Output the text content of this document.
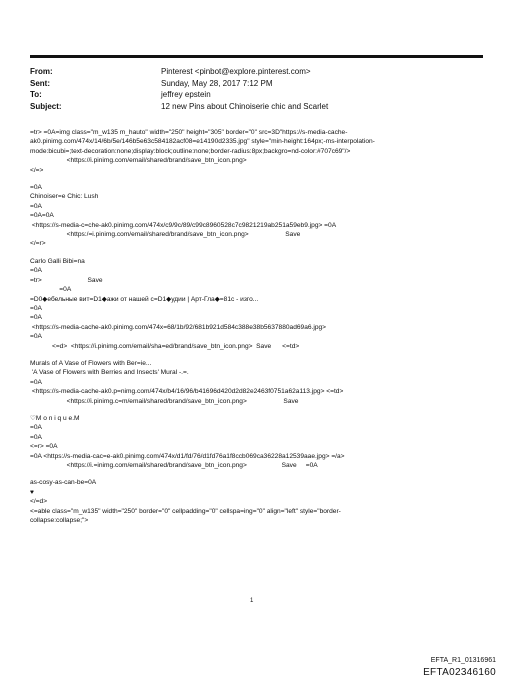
From:	Pinterest <pinbot@explore.pinterest.com>
Sent:	Sunday, May 28, 2017 7:12 PM
To:	jeffrey epstein
Subject:	12 new Pins about Chinoiserie chic and Scarlet
=tr> =0A=img class="m_w135 m_hauto" width="250" height="305" border="0" src=3D"https://s-media-cache-
ak0.pinimg.com/474x/14/6b/5e/146b5e63c584182acf08=e14190d2335.jpg" style="min-height:164px;-ms-interpolation-
mode:bicubi=;text-decoration:none;display:block;outline:none;border-radius:8px;backgro=nd-color:#707c69"/>
<https://i.pinimg.com/email/shared/brand/save_btn_icon.png>
</=>
=0A
Chinoiser=e Chic: Lush
=0A
=0A=0A
<https://s-media-c=che-ak0.pinimg.com/474x/c9/9c/89/c99c8960528c7c9821219ab251a59eb9.jpg> =0A
<https:/=i.pinimg.com/email/shared/brand/save_btn_icon.png>                    Save
</=r>
Carlo Galli Bibi=na
=0A
=tr>                         Save
=0A
=D0◆ебельные вит=D1◆ажи от нашей с=D1◆удии | Арт-Гла◆=81с - изго...
=0A
=0A
<https://s-media-cache-ak0.pinimg.com/474x=68/1b/92/681b921d584c388e38b5637880ad69a6.jpg>
=0A
<=d>  <https://i.pinimg.com/email/sha=ed/brand/save_btn_icon.png>  Save      <=td>
Murals of A Vase of Flowers with Ber=ie...
'A Vase of Flowers with Berries and Insects' Mural -.=.
=0A
<https://s-media-cache-ak0.p=nimg.com/474x/b4/16/96/b41696d420d2d82e2463f0751a62a113.jpg> <=td>
<https://i.pinimg.c=m/email/shared/brand/save_btn_icon.png>                    Save
♡M o n i q u e.M
=0A
=0A
<=r> =0A
=0A <https://s-media-cac=e-ak0.pinimg.com/474x/d1/fd/76/d1fd76a1f8ccb069ca36228a12539aae.jpg> =/a>
<https://i.=inimg.com/email/shared/brand/save_btn_icon.png>                   Save     =0A
as-cosy-as-can-be=0A
♥
</=d>
<=able class="m_w135" width="250" border="0" cellpadding="0" cellspa=ing="0" align="left" style="border-
collapse:collapse;">
1
EFTA_R1_01316961
EFTA02346160
